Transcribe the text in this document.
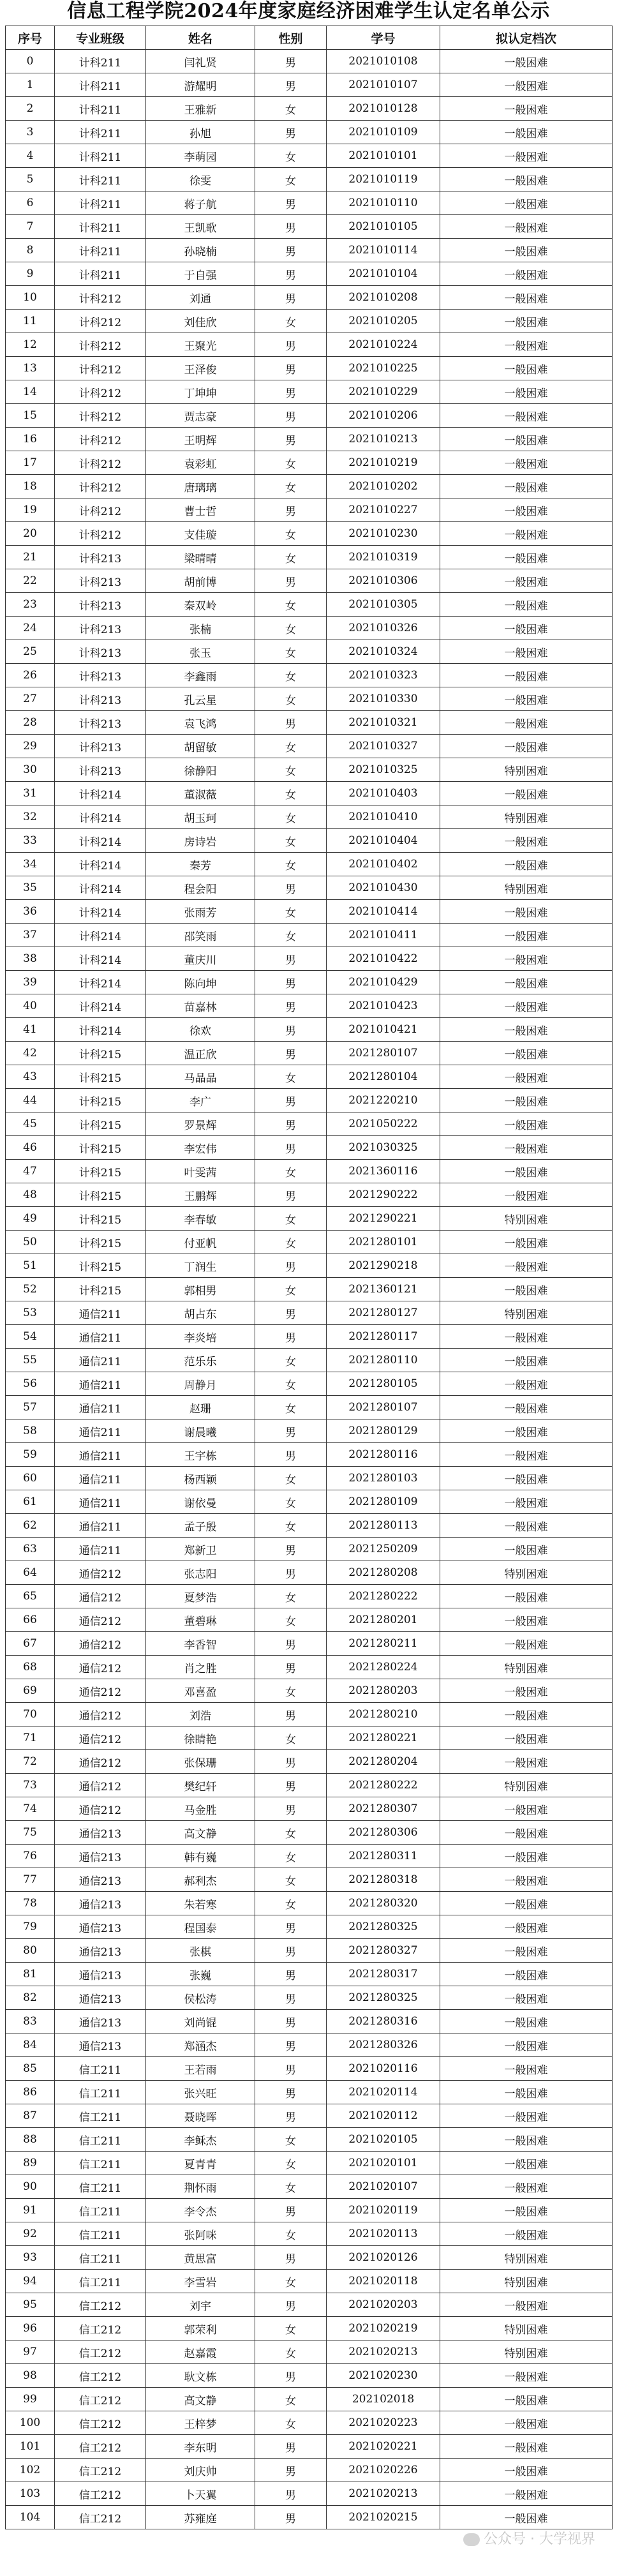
信息工程学院2024年度家庭经济困难学生认定名单公示
序号	专业班级	姓名	性别	学号	拟认定档次
0	计科211	闫礼贤	男	2021010108	一般困难
1	计科211	游耀明	男	2021010107	一般困难
2	计科211	王雅新	女	2021010128	一般困难
3	计科211	孙旭	男	2021010109	一般困难
4	计科211	李萌园	女	2021010101	一般困难
5	计科211	徐雯	女	2021010119	一般困难
6	计科211	蒋子航	男	2021010110	一般困难
7	计科211	王凯歌	男	2021010105	一般困难
8	计科211	孙晓楠	男	2021010114	一般困难
9	计科211	于自强	男	2021010104	一般困难
10	计科212	刘通	男	2021010208	一般困难
11	计科212	刘佳欣	女	2021010205	一般困难
12	计科212	王聚光	男	2021010224	一般困难
13	计科212	王泽俊	男	2021010225	一般困难
14	计科212	丁坤坤	男	2021010229	一般困难
15	计科212	贾志豪	男	2021010206	一般困难
16	计科212	王明辉	男	2021010213	一般困难
17	计科212	袁彩虹	女	2021010219	一般困难
18	计科212	唐璃璃	女	2021010202	一般困难
19	计科212	曹士哲	男	2021010227	一般困难
20	计科212	支佳璇	女	2021010230	一般困难
21	计科213	梁晴晴	女	2021010319	一般困难
22	计科213	胡前博	男	2021010306	一般困难
23	计科213	秦双岭	女	2021010305	一般困难
24	计科213	张楠	女	2021010326	一般困难
25	计科213	张玉	女	2021010324	一般困难
26	计科213	李鑫雨	女	2021010323	一般困难
27	计科213	孔云星	女	2021010330	一般困难
28	计科213	袁飞鸿	男	2021010321	一般困难
29	计科213	胡留敏	女	2021010327	一般困难
30	计科213	徐静阳	女	2021010325	特别困难
31	计科214	董淑薇	女	2021010403	一般困难
32	计科214	胡玉珂	女	2021010410	特别困难
33	计科214	房诗岩	女	2021010404	一般困难
34	计科214	秦芳	女	2021010402	一般困难
35	计科214	程会阳	男	2021010430	特别困难
36	计科214	张雨芳	女	2021010414	一般困难
37	计科214	邵笑雨	女	2021010411	一般困难
38	计科214	董庆川	男	2021010422	一般困难
39	计科214	陈向坤	男	2021010429	一般困难
40	计科214	苗嘉林	男	2021010423	一般困难
41	计科214	徐欢	男	2021010421	一般困难
42	计科215	温正欣	男	2021280107	一般困难
43	计科215	马晶晶	女	2021280104	一般困难
44	计科215	李广	男	2021220210	一般困难
45	计科215	罗景辉	男	2021050222	一般困难
46	计科215	李宏伟	男	2021030325	一般困难
47	计科215	叶雯茜	女	2021360116	一般困难
48	计科215	王鹏辉	男	2021290222	一般困难
49	计科215	李春敏	女	2021290221	特别困难
50	计科215	付亚帆	女	2021280101	一般困难
51	计科215	丁润生	男	2021290218	一般困难
52	计科215	郭相男	女	2021360121	一般困难
53	通信211	胡占东	男	2021280127	特别困难
54	通信211	李炎培	男	2021280117	一般困难
55	通信211	范乐乐	女	2021280110	一般困难
56	通信211	周静月	女	2021280105	一般困难
57	通信211	赵珊	女	2021280107	一般困难
58	通信211	谢晨曦	男	2021280129	一般困难
59	通信211	王宇栋	男	2021280116	一般困难
60	通信211	杨西颖	女	2021280103	一般困难
61	通信211	谢依曼	女	2021280109	一般困难
62	通信211	孟子殷	女	2021280113	一般困难
63	通信211	郑新卫	男	2021250209	一般困难
64	通信212	张志阳	男	2021280208	特别困难
65	通信212	夏梦浩	女	2021280222	一般困难
66	通信212	董碧琳	女	2021280201	一般困难
67	通信212	李香智	男	2021280211	一般困难
68	通信212	肖之胜	男	2021280224	特别困难
69	通信212	邓喜盈	女	2021280203	一般困难
70	通信212	刘浩	男	2021280210	一般困难
71	通信212	徐睛艳	女	2021280221	一般困难
72	通信212	张保珊	男	2021280204	一般困难
73	通信212	樊纪轩	男	2021280222	特别困难
74	通信212	马金胜	男	2021280307	一般困难
75	通信213	高文静	女	2021280306	一般困难
76	通信213	韩有巍	女	2021280311	一般困难
77	通信213	郝利杰	女	2021280318	一般困难
78	通信213	朱若寒	女	2021280320	一般困难
79	通信213	程国泰	男	2021280325	一般困难
80	通信213	张棋	男	2021280327	一般困难
81	通信213	张巍	男	2021280317	一般困难
82	通信213	侯松涛	男	2021280325	一般困难
83	通信213	刘尚锟	男	2021280316	一般困难
84	通信213	郑涵杰	男	2021280326	一般困难
85	信工211	王若雨	男	2021020116	一般困难
86	信工211	张兴旺	男	2021020114	一般困难
87	信工211	聂晓晖	男	2021020112	一般困难
88	信工211	李稣杰	女	2021020105	一般困难
89	信工211	夏青青	女	2021020101	一般困难
90	信工211	荆怀雨	女	2021020107	一般困难
91	信工211	李令杰	男	2021020119	一般困难
92	信工211	张阿咪	女	2021020113	一般困难
93	信工211	黄思富	男	2021020126	特别困难
94	信工211	李雪岩	女	2021020118	特别困难
95	信工212	刘宇	男	2021020203	一般困难
96	信工212	郭荣利	女	2021020219	特别困难
97	信工212	赵嘉霞	女	2021020213	特别困难
98	信工212	耿文栋	男	2021020230	一般困难
99	信工212	高文静	女	202102018	一般困难
100	信工212	王梓梦	女	2021020223	一般困难
101	信工212	李东明	男	2021020221	一般困难
102	信工212	刘庆帅	男	2021020226	一般困难
103	信工212	卜天翼	男	2021020213	一般困难
104	信工212	苏雍庭	男	2021020215	一般困难
公众号 · 大学视界
